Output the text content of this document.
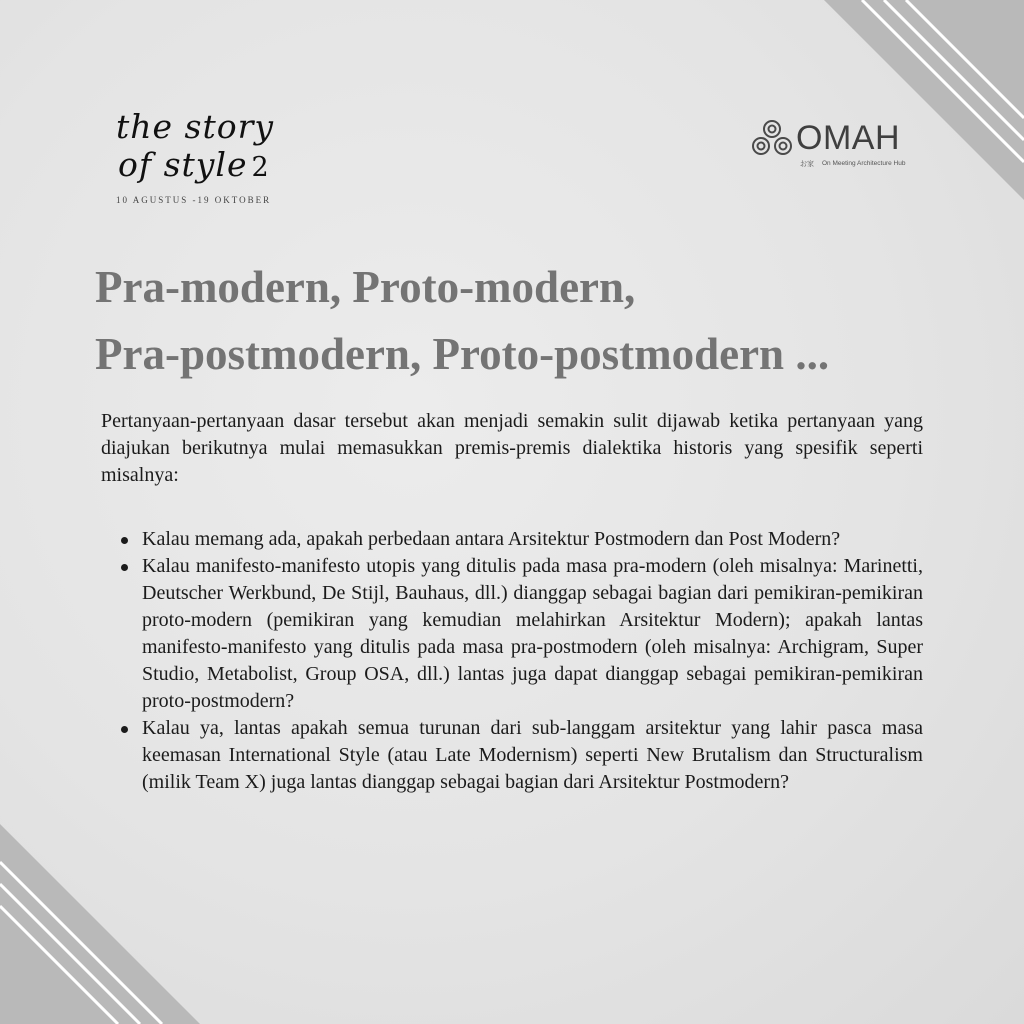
the story
of style 2
10 AGUSTUS -19 OKTOBER
OMAH
お家 On Meeting Architecture Hub
Pra-modern, Proto-modern,
Pra-postmodern, Proto-postmodern ...

Pertanyaan-pertanyaan dasar tersebut akan menjadi semakin sulit dijawab ketika pertanyaan yang diajukan berikutnya mulai memasukkan premis-premis dialektika historis yang spesifik seperti misalnya:

Kalau memang ada, apakah perbedaan antara Arsitektur Postmodern dan Post Modern?
Kalau manifesto-manifesto utopis yang ditulis pada masa pra-modern (oleh misalnya: Marinetti, Deutscher Werkbund, De Stijl, Bauhaus, dll.) dianggap sebagai bagian dari pemikiran-pemikiran proto-modern (pemikiran yang kemudian melahirkan Arsitektur Modern); apakah lantas manifesto-manifesto yang ditulis pada masa pra-postmodern (oleh misalnya: Archigram, Super Studio, Metabolist, Group OSA, dll.) lantas juga dapat dianggap sebagai pemikiran-pemikiran proto-postmodern?
Kalau ya, lantas apakah semua turunan dari sub-langgam arsitektur yang lahir pasca masa keemasan International Style (atau Late Modernism) seperti New Brutalism dan Structuralism (milik Team X) juga lantas dianggap sebagai bagian dari Arsitektur Postmodern?
